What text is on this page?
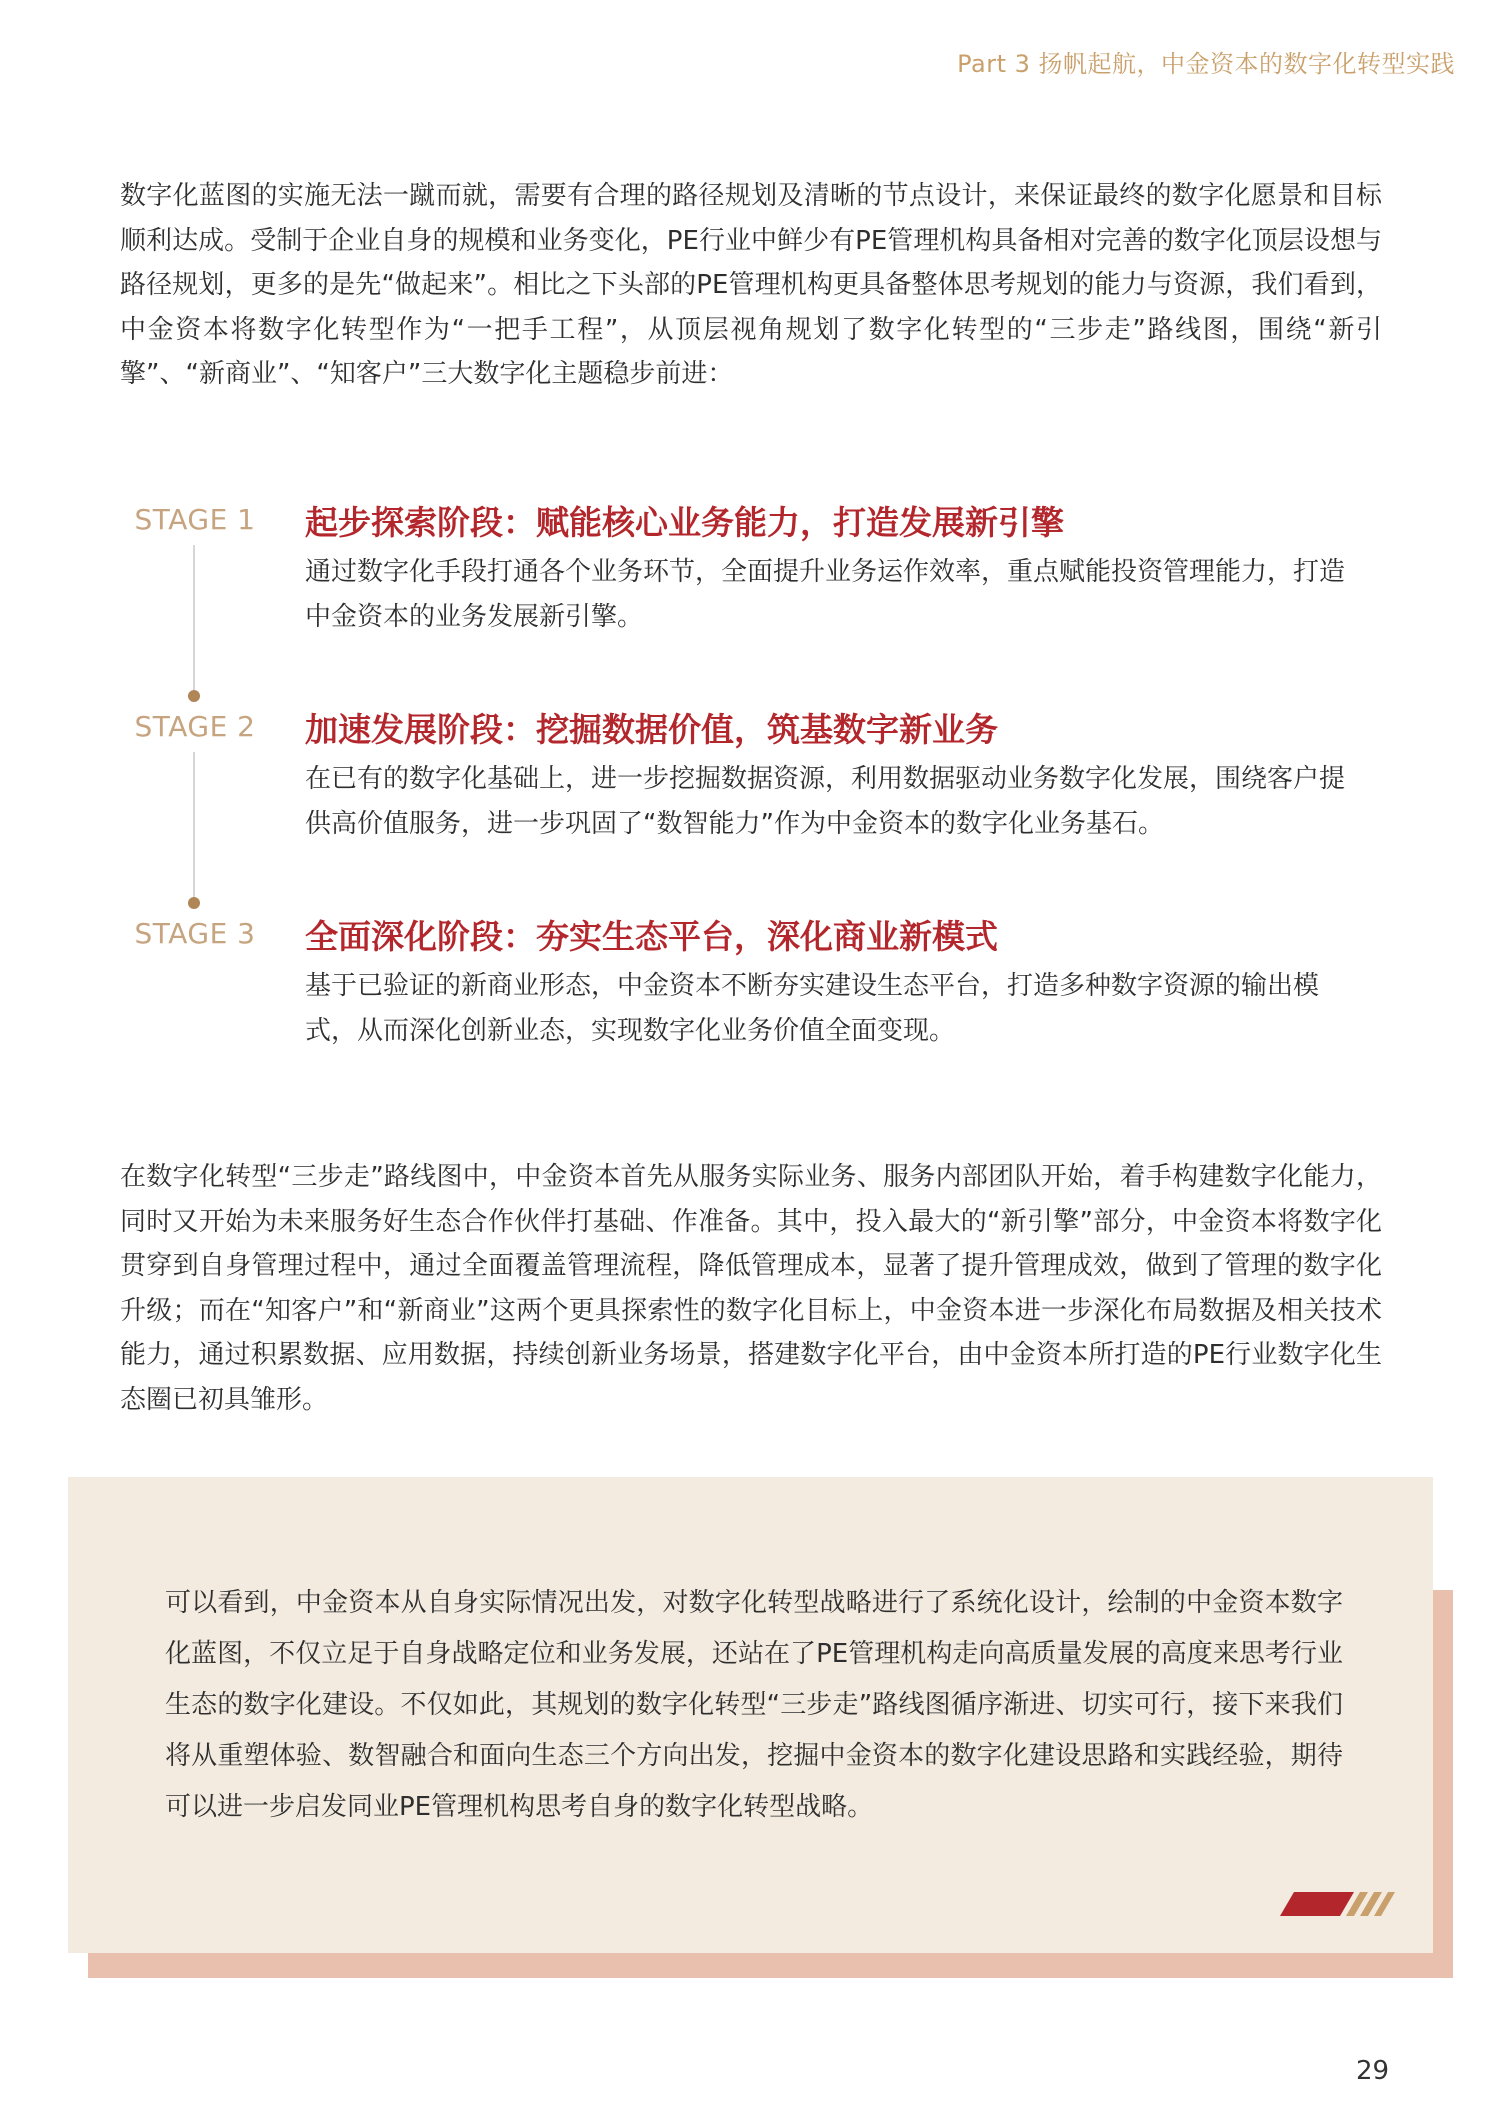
Part 3 扬帆起航，中金资本的数字化转型实践

数字化蓝图的实施无法一蹴而就，需要有合理的路径规划及清晰的节点设计，来保证最终的数字化愿景和目标顺利达成。受制于企业自身的规模和业务变化，PE行业中鲜少有PE管理机构具备相对完善的数字化顶层设想与路径规划，更多的是先“做起来”。相比之下头部的PE管理机构更具备整体思考规划的能力与资源，我们看到，中金资本将数字化转型作为“一把手工程”，从顶层视角规划了数字化转型的“三步走”路线图，围绕“新引擎”、“新商业”、“知客户”三大数字化主题稳步前进：

STAGE 1	起步探索阶段：赋能核心业务能力，打造发展新引擎
通过数字化手段打通各个业务环节，全面提升业务运作效率，重点赋能投资管理能力，打造中金资本的业务发展新引擎。
STAGE 2	加速发展阶段：挖掘数据价值，筑基数字新业务
在已有的数字化基础上，进一步挖掘数据资源，利用数据驱动业务数字化发展，围绕客户提供高价值服务，进一步巩固了“数智能力”作为中金资本的数字化业务基石。
STAGE 3	全面深化阶段：夯实生态平台，深化商业新模式
基于已验证的新商业形态，中金资本不断夯实建设生态平台，打造多种数字资源的输出模式，从而深化创新业态，实现数字化业务价值全面变现。

在数字化转型“三步走”路线图中，中金资本首先从服务实际业务、服务内部团队开始，着手构建数字化能力，同时又开始为未来服务好生态合作伙伴打基础、作准备。其中，投入最大的“新引擎”部分，中金资本将数字化贯穿到自身管理过程中，通过全面覆盖管理流程，降低管理成本，显著了提升管理成效，做到了管理的数字化升级；而在“知客户”和“新商业”这两个更具探索性的数字化目标上，中金资本进一步深化布局数据及相关技术能力，通过积累数据、应用数据，持续创新业务场景，搭建数字化平台，由中金资本所打造的PE行业数字化生态圈已初具雏形。

可以看到，中金资本从自身实际情况出发，对数字化转型战略进行了系统化设计，绘制的中金资本数字化蓝图，不仅立足于自身战略定位和业务发展，还站在了PE管理机构走向高质量发展的高度来思考行业生态的数字化建设。不仅如此，其规划的数字化转型“三步走”路线图循序渐进、切实可行，接下来我们将从重塑体验、数智融合和面向生态三个方向出发，挖掘中金资本的数字化建设思路和实践经验，期待可以进一步启发同业PE管理机构思考自身的数字化转型战略。

29
